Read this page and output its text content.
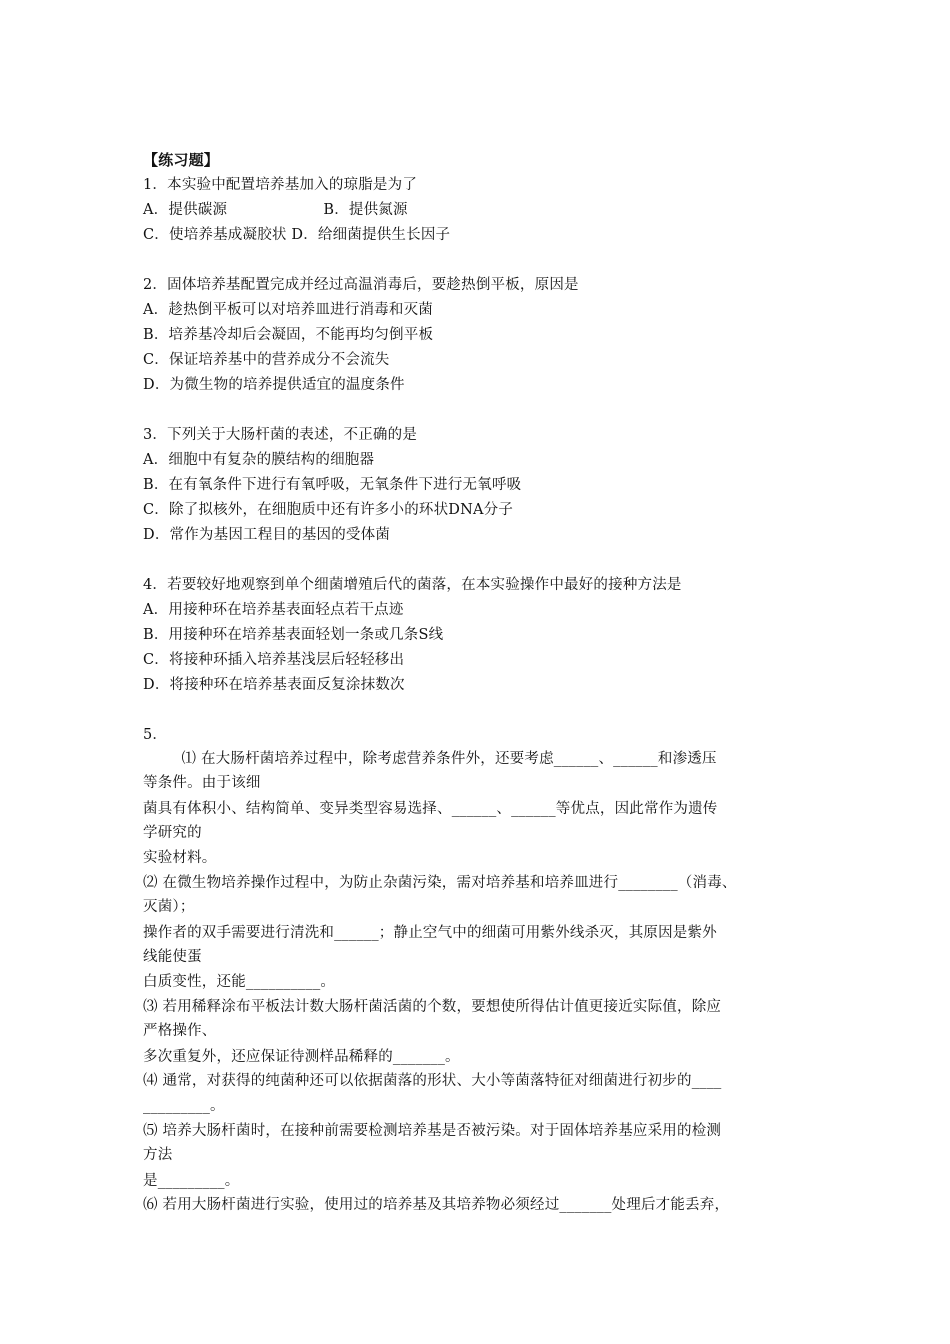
【练习题】
1．本实验中配置培养基加入的琼脂是为了
A．提供碳源                    B．提供氮源
C．使培养基成凝胶状 D．给细菌提供生长因子
2．固体培养基配置完成并经过高温消毒后，要趁热倒平板，原因是
A．趁热倒平板可以对培养皿进行消毒和灭菌
B．培养基冷却后会凝固，不能再均匀倒平板
C．保证培养基中的营养成分不会流失
D．为微生物的培养提供适宜的温度条件
3．下列关于大肠杆菌的表述，不正确的是
A．细胞中有复杂的膜结构的细胞器
B．在有氧条件下进行有氧呼吸，无氧条件下进行无氧呼吸
C．除了拟核外，在细胞质中还有许多小的环状DNA分子
D．常作为基因工程目的基因的受体菌
4．若要较好地观察到单个细菌增殖后代的菌落，在本实验操作中最好的接种方法是
A．用接种环在培养基表面轻点若干点迹
B．用接种环在培养基表面轻划一条或几条S线
C．将接种环插入培养基浅层后轻轻移出
D．将接种环在培养基表面反复涂抹数次
5．
⑴ 在大肠杆菌培养过程中，除考虑营养条件外，还要考虑______、______和渗透压
等条件。由于该细
菌具有体积小、结构简单、变异类型容易选择、______、______等优点，因此常作为遗传
学研究的
实验材料。
⑵ 在微生物培养操作过程中，为防止杂菌污染，需对培养基和培养皿进行________（消毒、
灭菌）；
操作者的双手需要进行清洗和______；静止空气中的细菌可用紫外线杀灭，其原因是紫外
线能使蛋
白质变性，还能__________。
⑶ 若用稀释涂布平板法计数大肠杆菌活菌的个数，要想使所得估计值更接近实际值，除应
严格操作、
多次重复外，还应保证待测样品稀释的_______。
⑷ 通常，对获得的纯菌种还可以依据菌落的形状、大小等菌落特征对细菌进行初步的____
_________。
⑸ 培养大肠杆菌时，在接种前需要检测培养基是否被污染。对于固体培养基应采用的检测
方法
是_________。
⑹ 若用大肠杆菌进行实验，使用过的培养基及其培养物必须经过_______处理后才能丢弃，
